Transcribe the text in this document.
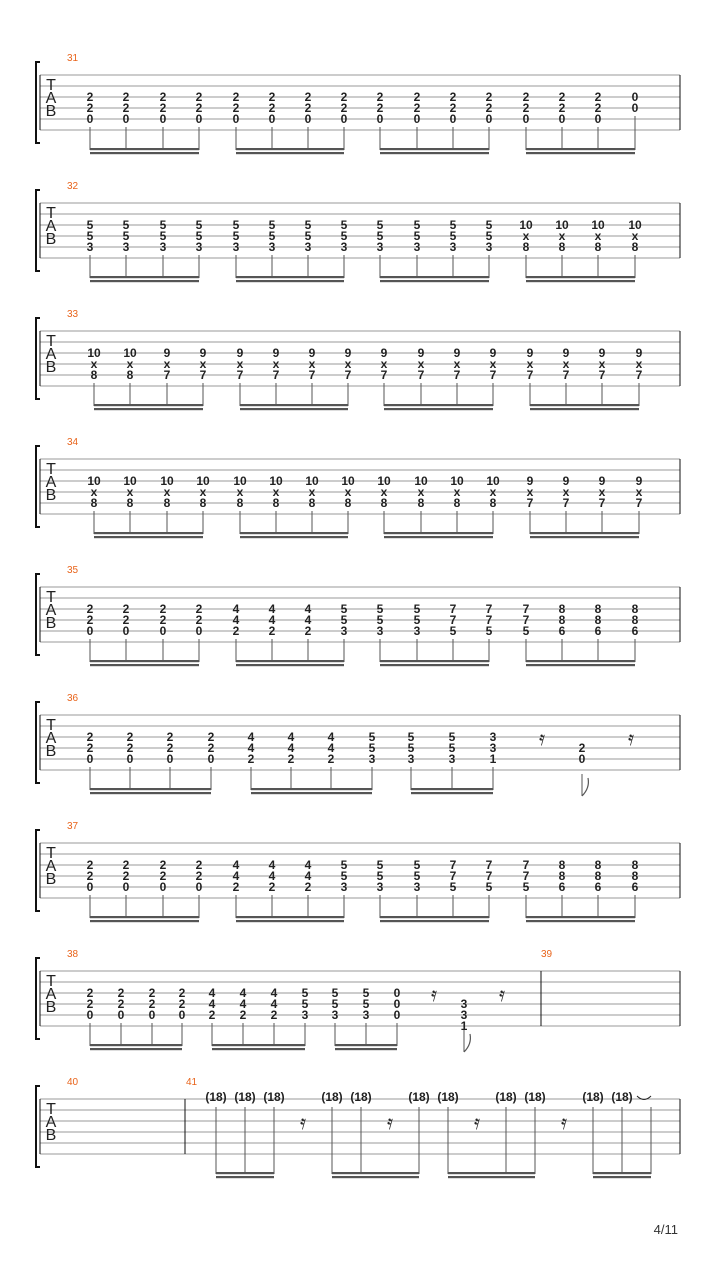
T
A
B
31
2
2
0
2
2
0
2
2
0
2
2
0
2
2
0
2
2
0
2
2
0
2
2
0
2
2
0
2
2
0
2
2
0
2
2
0
2
2
0
2
2
0
2
2
0
0
0
T
A
B
32
5
5
3
5
5
3
5
5
3
5
5
3
5
5
3
5
5
3
5
5
3
5
5
3
5
5
3
5
5
3
5
5
3
5
5
3
10
x
8
10
x
8
10
x
8
10
x
8
T
A
B
33
10
x
8
10
x
8
9
x
7
9
x
7
9
x
7
9
x
7
9
x
7
9
x
7
9
x
7
9
x
7
9
x
7
9
x
7
9
x
7
9
x
7
9
x
7
9
x
7
T
A
B
34
10
x
8
10
x
8
10
x
8
10
x
8
10
x
8
10
x
8
10
x
8
10
x
8
10
x
8
10
x
8
10
x
8
10
x
8
9
x
7
9
x
7
9
x
7
9
x
7
T
A
B
35
2
2
0
2
2
0
2
2
0
2
2
0
4
4
2
4
4
2
4
4
2
5
5
3
5
5
3
5
5
3
7
7
5
7
7
5
7
7
5
8
8
6
8
8
6
8
8
6
T
A
B
36
2
2
0
2
2
0
2
2
0
2
2
0
4
4
2
4
4
2
4
4
2
5
5
3
5
5
3
5
5
3
3
3
1
𝄿	𝄿
2
0
T
A
B
37
2
2
0
2
2
0
2
2
0
2
2
0
4
4
2
4
4
2
4
4
2
5
5
3
5
5
3
5
5
3
7
7
5
7
7
5
7
7
5
8
8
6
8
8
6
8
8
6
T
A
B
38
2
2
0
2
2
0
2
2
0
2
2
0
4
4
2
4
4
2
4
4
2
5
5
3
5
5
3
5
5
3
0
0
0
𝄿	𝄿
3
3
1
39
T
A
B
40	41
(18) (18) (18)	(18) (18)	(18) (18)	(18) (18)	(18) (18)
𝄿	𝄿	𝄿	𝄿
4/11
